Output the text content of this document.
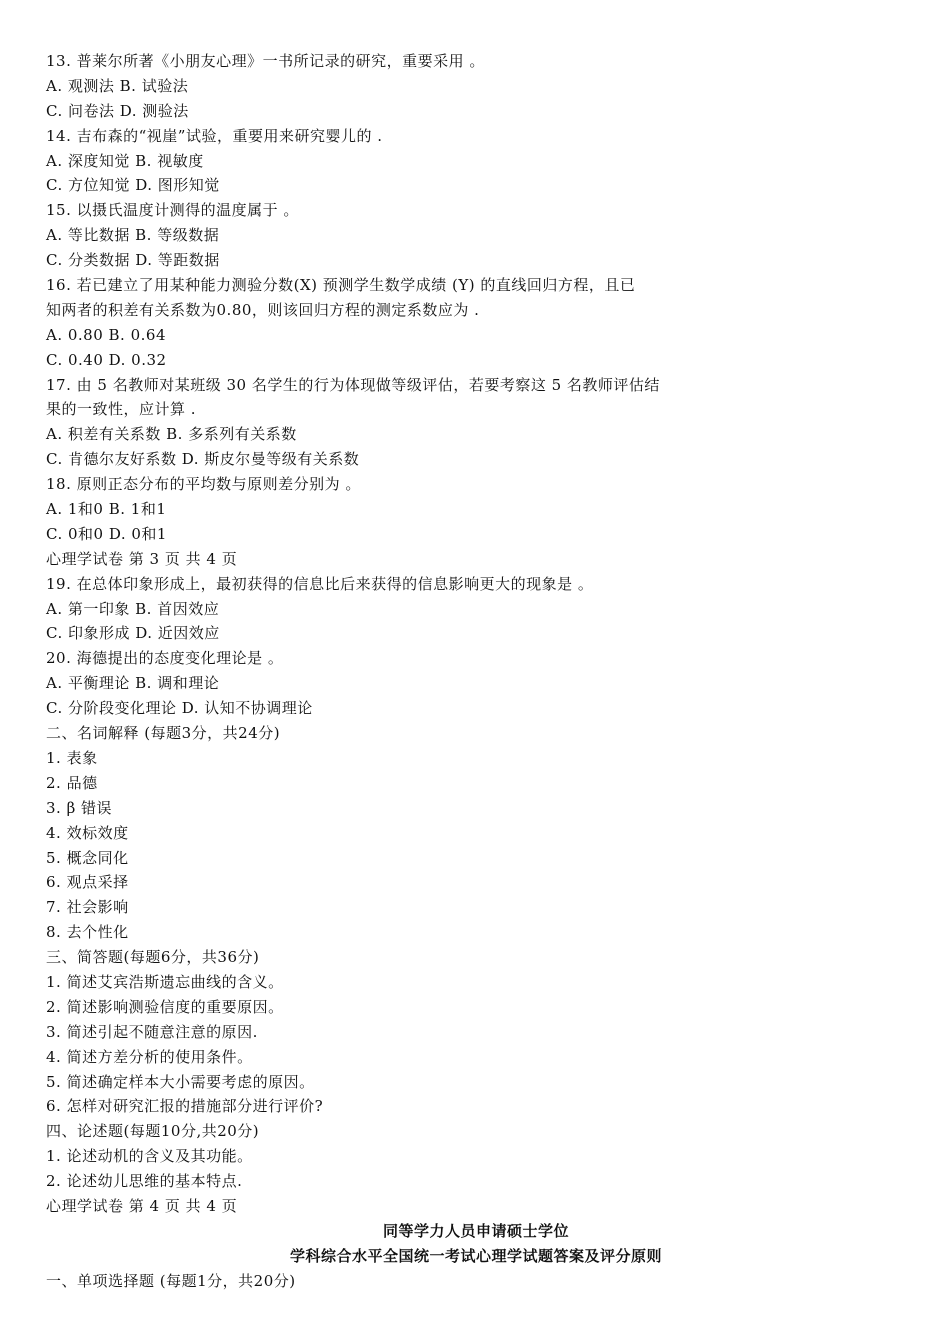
13. 普莱尔所著《小朋友心理》一书所记录的研究，重要采用 。
A. 观测法 B. 试验法
C. 问卷法 D. 测验法
14. 吉布森的“视崖”试验，重要用来研究婴儿的 .
A. 深度知觉 B. 视敏度
C. 方位知觉 D. 图形知觉
15. 以摄氏温度计测得的温度属于 。
A. 等比数据 B. 等级数据
C. 分类数据 D. 等距数据
16. 若已建立了用某种能力测验分数(X) 预测学生数学成绩 (Y) 的直线回归方程，且已
知两者的积差有关系数为0.80，则该回归方程的测定系数应为 .
A. 0.80 B. 0.64
C. 0.40 D. 0.32
17. 由 5 名教师对某班级 30 名学生的行为体现做等级评估，若要考察这 5 名教师评估结
果的一致性，应计算 .
A. 积差有关系数 B. 多系列有关系数
C. 肯德尔友好系数 D. 斯皮尔曼等级有关系数
18. 原则正态分布的平均数与原则差分别为 。
A. 1和0 B. 1和1
C. 0和0 D. 0和1
心理学试卷 第 3 页 共 4 页
19. 在总体印象形成上，最初获得的信息比后来获得的信息影响更大的现象是 。
A. 第一印象 B. 首因效应
C. 印象形成 D. 近因效应
20. 海德提出的态度变化理论是 。
A. 平衡理论 B. 调和理论
C. 分阶段变化理论 D. 认知不协调理论
二、名词解释 (每题3分，共24分)
1. 表象
2. 品德
3. β 错误
4. 效标效度
5. 概念同化
6. 观点采择
7. 社会影响
8. 去个性化
三、简答题(每题6分，共36分)
1. 简述艾宾浩斯遗忘曲线的含义。
2. 简述影响测验信度的重要原因。
3. 简述引起不随意注意的原因.
4. 简述方差分析的使用条件。
5. 简述确定样本大小需要考虑的原因。
6. 怎样对研究汇报的措施部分进行评价?
四、论述题(每题10分,共20分)
1. 论述动机的含义及其功能。
2. 论述幼儿思维的基本特点.
心理学试卷 第 4 页 共 4 页
同等学力人员申请硕士学位
学科综合水平全国统一考试心理学试题答案及评分原则
一、单项选择题 (每题1分，共20分)
